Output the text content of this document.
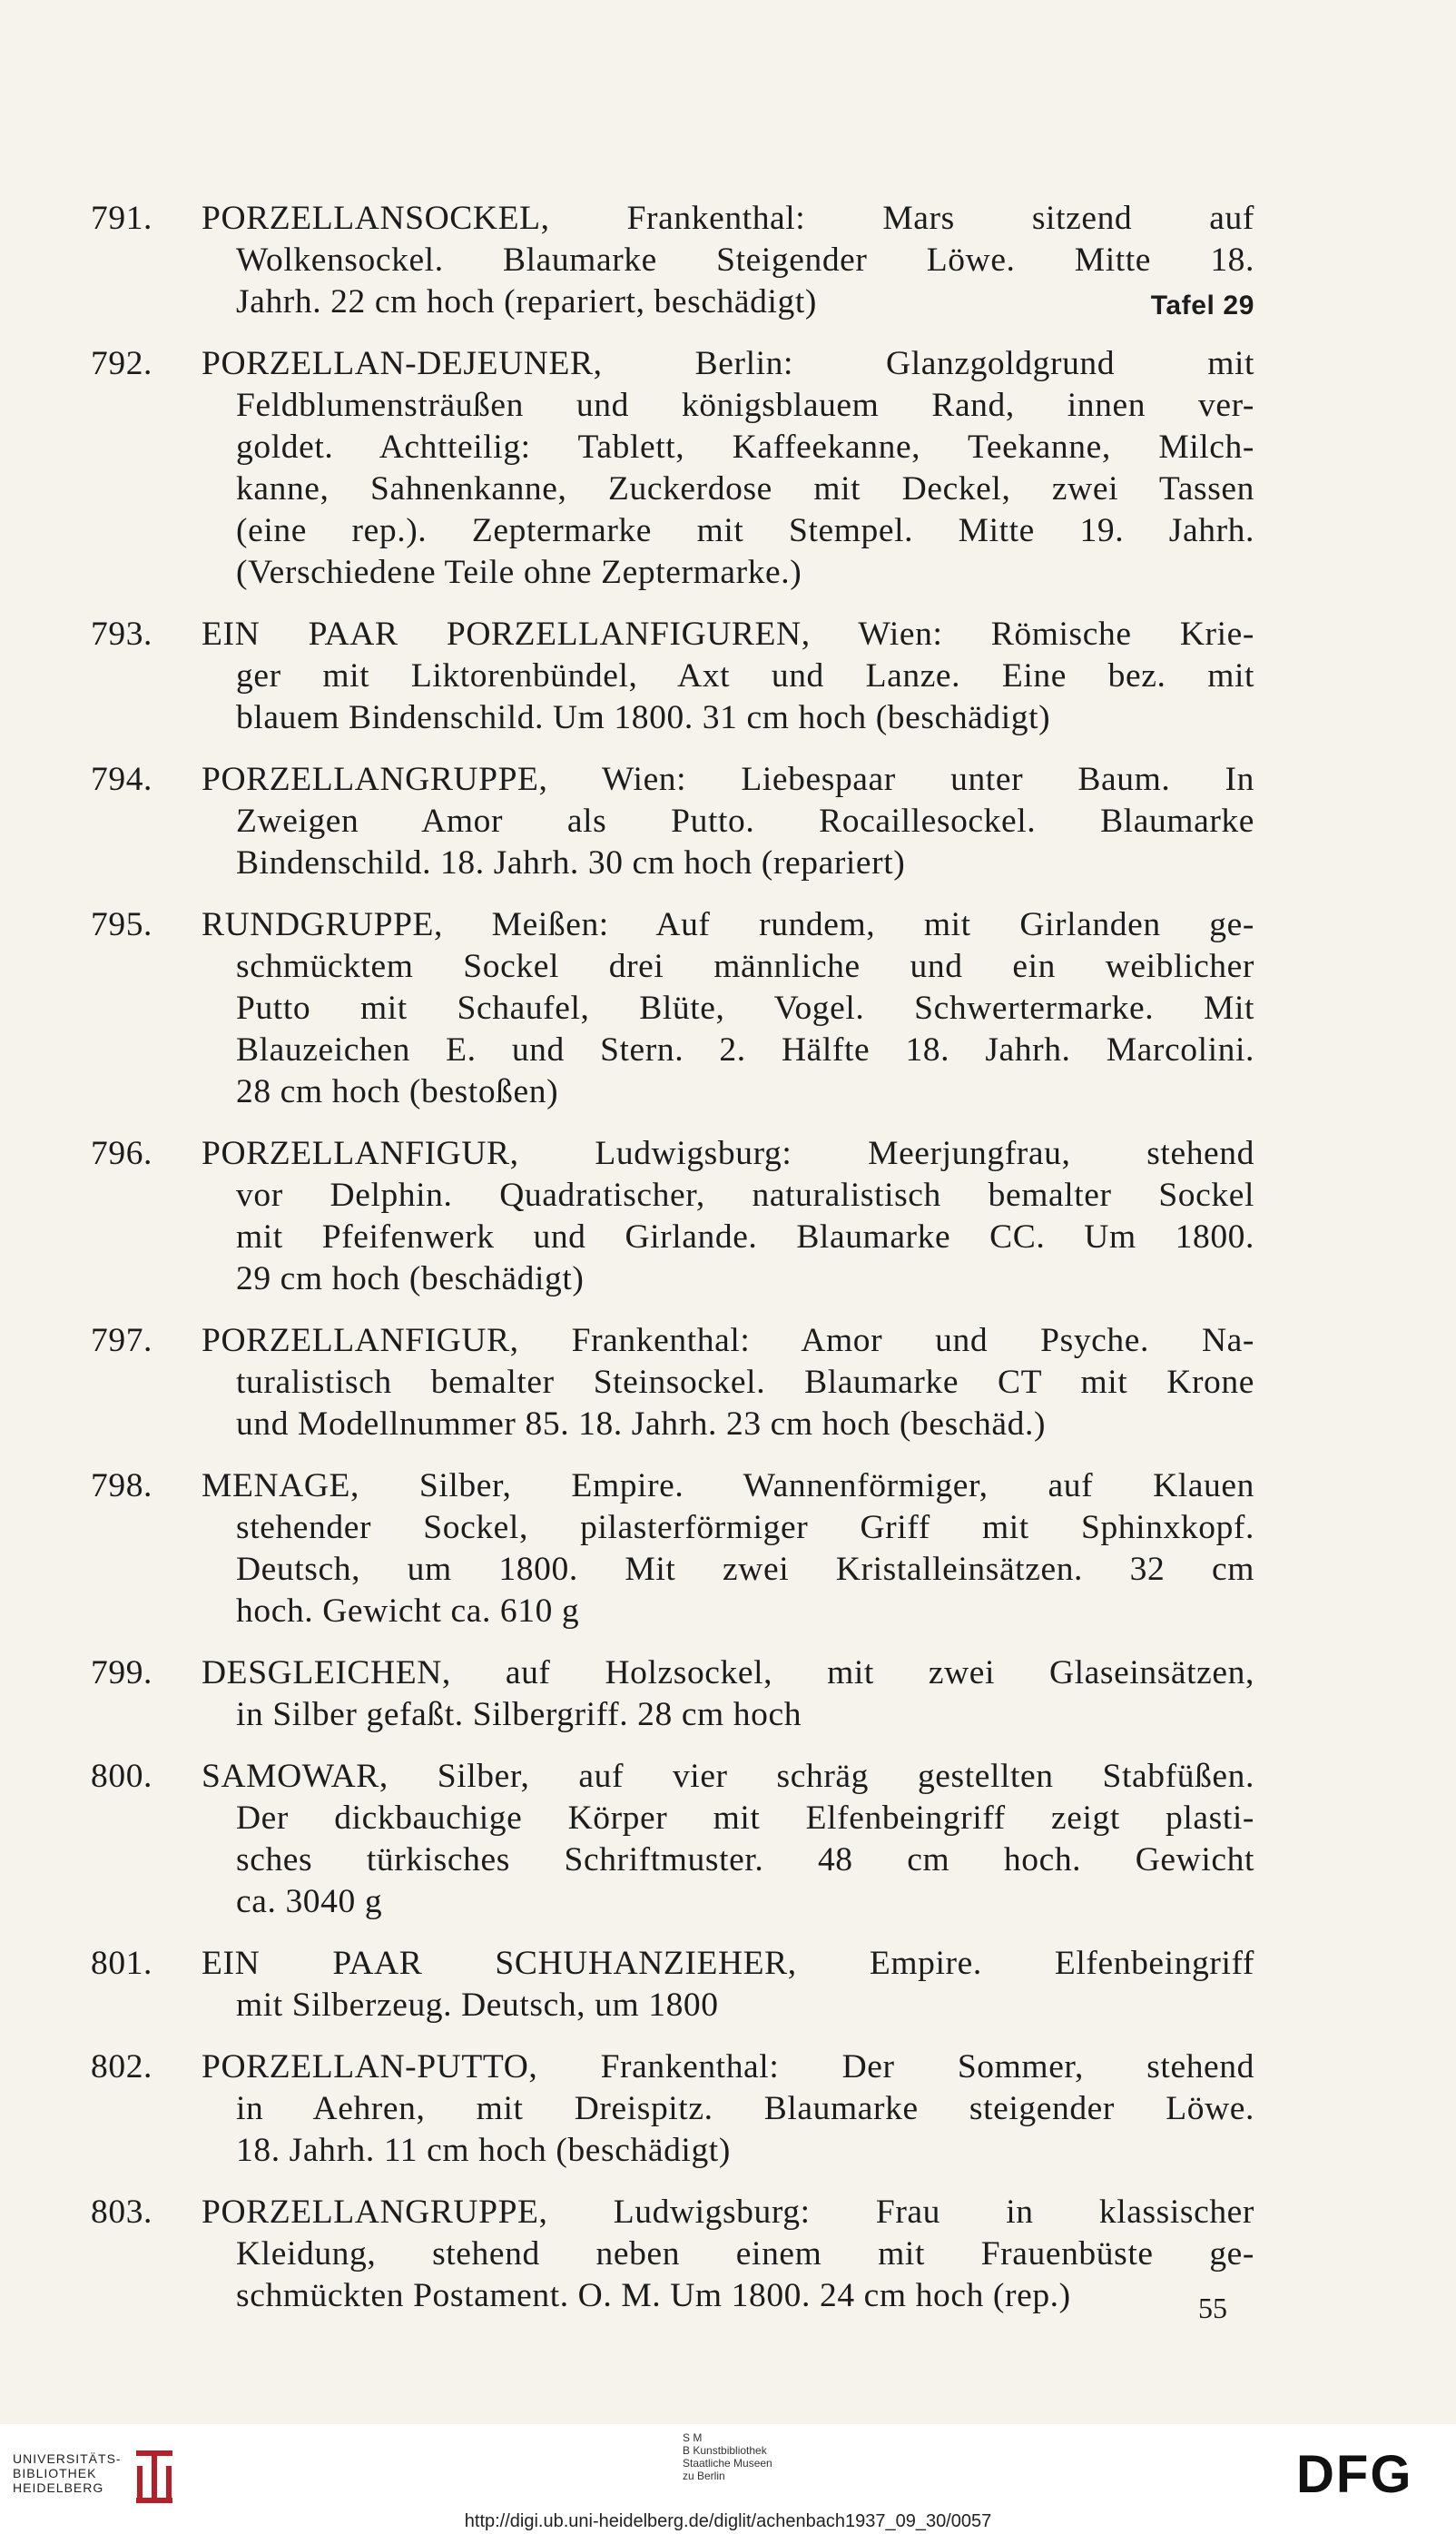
791. PORZELLANSOCKEL, Frankenthal: Mars sitzend auf
Wolkensockel. Blaumarke Steigender Löwe. Mitte 18.
Jahrh. 22 cm hoch (repariert, beschädigt)	Tafel 29
792. PORZELLAN-DEJEUNER, Berlin: Glanzgoldgrund mit
Feldblumensträußen und königsblauem Rand, innen ver-
goldet. Achtteilig: Tablett, Kaffeekanne, Teekanne, Milch-
kanne, Sahnenkanne, Zuckerdose mit Deckel, zwei Tassen
(eine rep.). Zeptermarke mit Stempel. Mitte 19. Jahrh.
(Verschiedene Teile ohne Zeptermarke.)
793. EIN PAAR PORZELLANFIGUREN, Wien: Römische Krie-
ger mit Liktorenbündel, Axt und Lanze. Eine bez. mit
blauem Bindenschild. Um 1800. 31 cm hoch (beschädigt)
794. PORZELLANGRUPPE, Wien: Liebespaar unter Baum. In
Zweigen Amor als Putto. Rocaillesockel. Blaumarke
Bindenschild. 18. Jahrh. 30 cm hoch (repariert)
795. RUNDGRUPPE, Meißen: Auf rundem, mit Girlanden ge-
schmücktem Sockel drei männliche und ein weiblicher
Putto mit Schaufel, Blüte, Vogel. Schwertermarke. Mit
Blauzeichen E. und Stern. 2. Hälfte 18. Jahrh. Marcolini.
28 cm hoch (bestoßen)
796. PORZELLANFIGUR, Ludwigsburg: Meerjungfrau, stehend
vor Delphin. Quadratischer, naturalistisch bemalter Sockel
mit Pfeifenwerk und Girlande. Blaumarke CC. Um 1800.
29 cm hoch (beschädigt)
797. PORZELLANFIGUR, Frankenthal: Amor und Psyche. Na-
turalistisch bemalter Steinsockel. Blaumarke CT mit Krone
und Modellnummer 85. 18. Jahrh. 23 cm hoch (beschäd.)
798. MENAGE, Silber, Empire. Wannenförmiger, auf Klauen
stehender Sockel, pilasterförmiger Griff mit Sphinxkopf.
Deutsch, um 1800. Mit zwei Kristalleinsätzen. 32 cm
hoch. Gewicht ca. 610 g
799. DESGLEICHEN, auf Holzsockel, mit zwei Glaseinsätzen,
in Silber gefaßt. Silbergriff. 28 cm hoch
800. SAMOWAR, Silber, auf vier schräg gestellten Stabfüßen.
Der dickbauchige Körper mit Elfenbeingriff zeigt plasti-
sches türkisches Schriftmuster. 48 cm hoch. Gewicht
ca. 3040 g
801. EIN PAAR SCHUHANZIEHER, Empire. Elfenbeingriff
mit Silberzeug. Deutsch, um 1800
802. PORZELLAN-PUTTO, Frankenthal: Der Sommer, stehend
in Aehren, mit Dreispitz. Blaumarke steigender Löwe.
18. Jahrh. 11 cm hoch (beschädigt)
803. PORZELLANGRUPPE, Ludwigsburg: Frau in klassischer
Kleidung, stehend neben einem mit Frauenbüste ge-
schmückten Postament. O. M. Um 1800. 24 cm hoch (rep.)	55
UNIVERSITÄTS-
BIBLIOTHEK
HEIDELBERG
S M
B Kunstbibliothek
Staatliche Museen
zu Berlin	DFG
http://digi.ub.uni-heidelberg.de/diglit/achenbach1937_09_30/0057
